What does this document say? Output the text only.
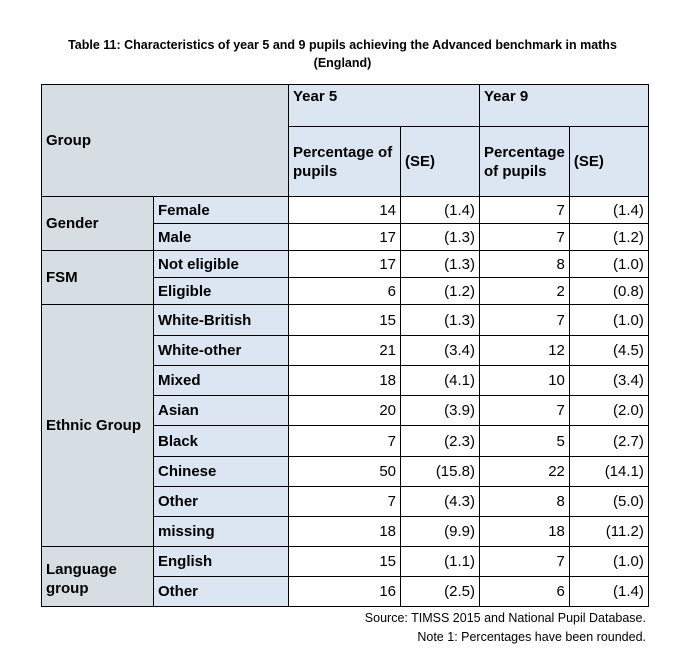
Table 11: Characteristics of year 5 and 9 pupils achieving the Advanced benchmark in maths
(England)
Group		Year 5		Year 9	
		Percentage of pupils	(SE)	Percentage of pupils	(SE)
Gender	Female	14	(1.4)	7	(1.4)
	Male	17	(1.3)	7	(1.2)
FSM	Not eligible	17	(1.3)	8	(1.0)
	Eligible	6	(1.2)	2	(0.8)
Ethnic Group	White-British	15	(1.3)	7	(1.0)
	White-other	21	(3.4)	12	(4.5)
	Mixed	18	(4.1)	10	(3.4)
	Asian	20	(3.9)	7	(2.0)
	Black	7	(2.3)	5	(2.7)
	Chinese	50	(15.8)	22	(14.1)
	Other	7	(4.3)	8	(5.0)
	missing	18	(9.9)	18	(11.2)
Language group	English	15	(1.1)	7	(1.0)
	Other	16	(2.5)	6	(1.4)
Source: TIMSS 2015 and National Pupil Database.
Note 1: Percentages have been rounded.
